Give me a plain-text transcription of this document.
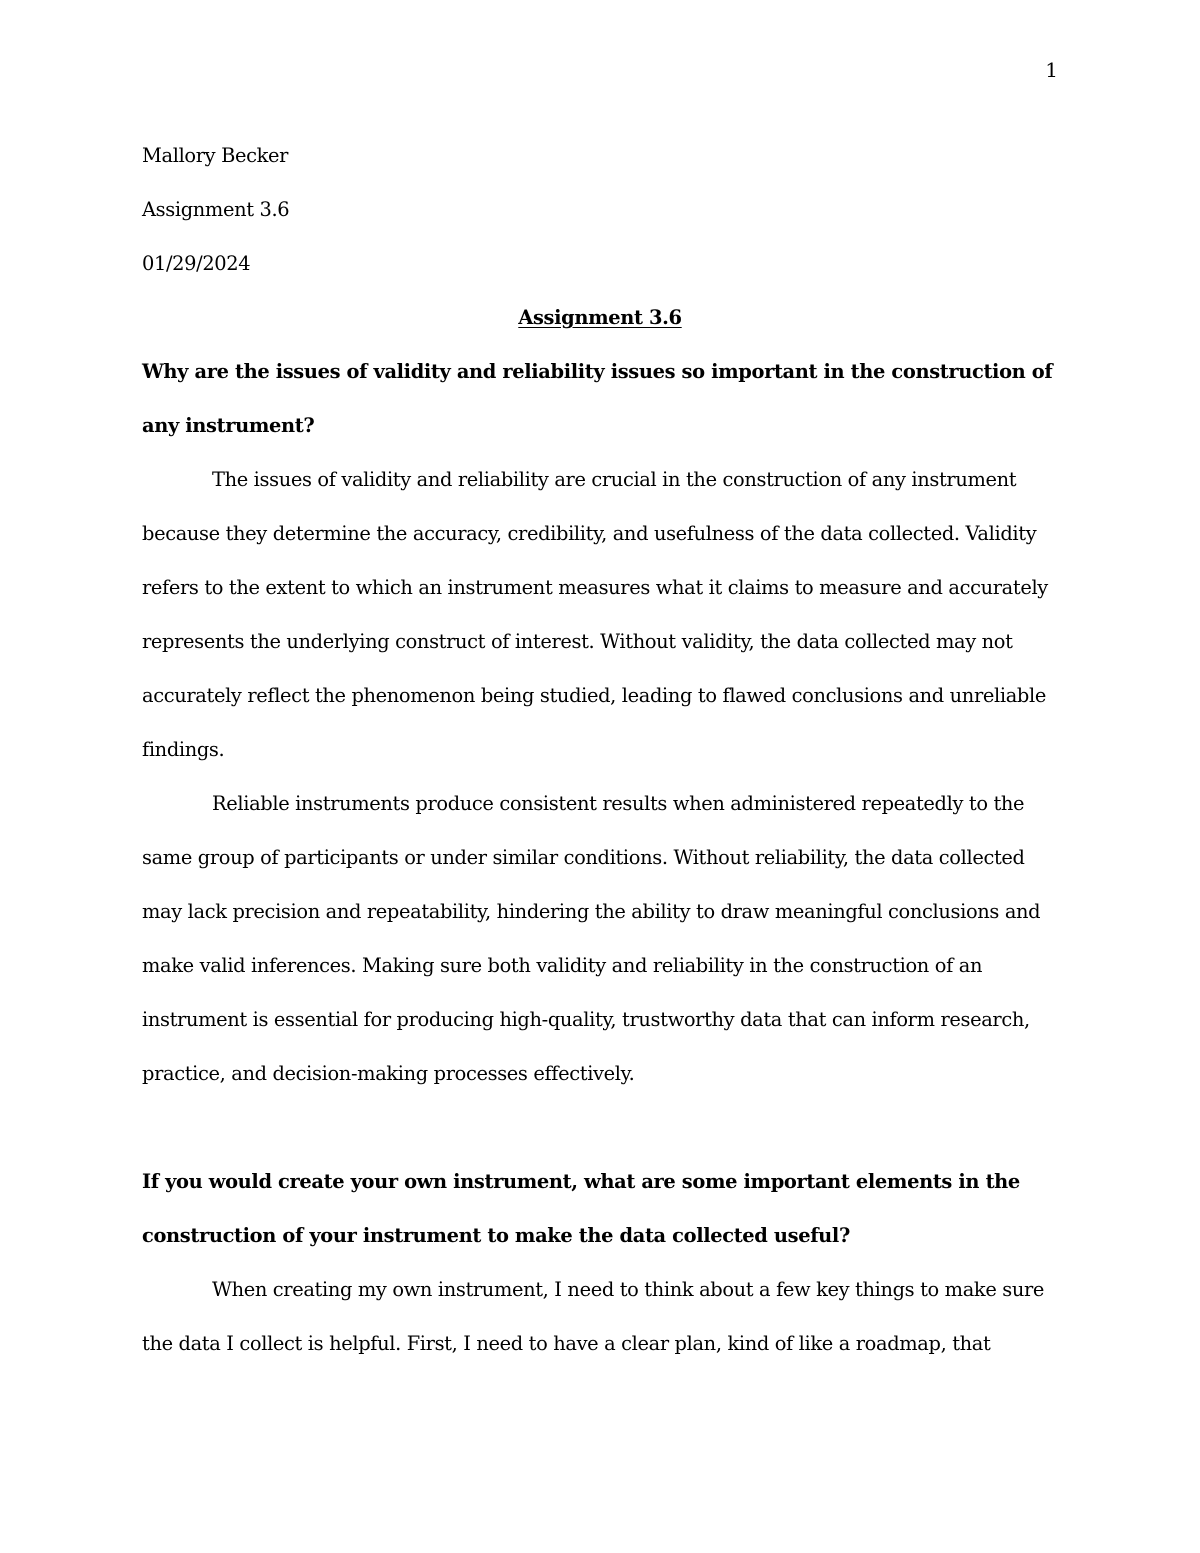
1
Mallory Becker
Assignment 3.6
01/29/2024
Assignment 3.6

Why are the issues of validity and reliability issues so important in the construction of any instrument?

The issues of validity and reliability are crucial in the construction of any instrument because they determine the accuracy, credibility, and usefulness of the data collected. Validity refers to the extent to which an instrument measures what it claims to measure and accurately represents the underlying construct of interest. Without validity, the data collected may not accurately reflect the phenomenon being studied, leading to flawed conclusions and unreliable findings.

Reliable instruments produce consistent results when administered repeatedly to the same group of participants or under similar conditions. Without reliability, the data collected may lack precision and repeatability, hindering the ability to draw meaningful conclusions and make valid inferences. Making sure both validity and reliability in the construction of an instrument is essential for producing high-quality, trustworthy data that can inform research, practice, and decision-making processes effectively.

If you would create your own instrument, what are some important elements in the construction of your instrument to make the data collected useful?

When creating my own instrument, I need to think about a few key things to make sure the data I collect is helpful. First, I need to have a clear plan, kind of like a roadmap, that
